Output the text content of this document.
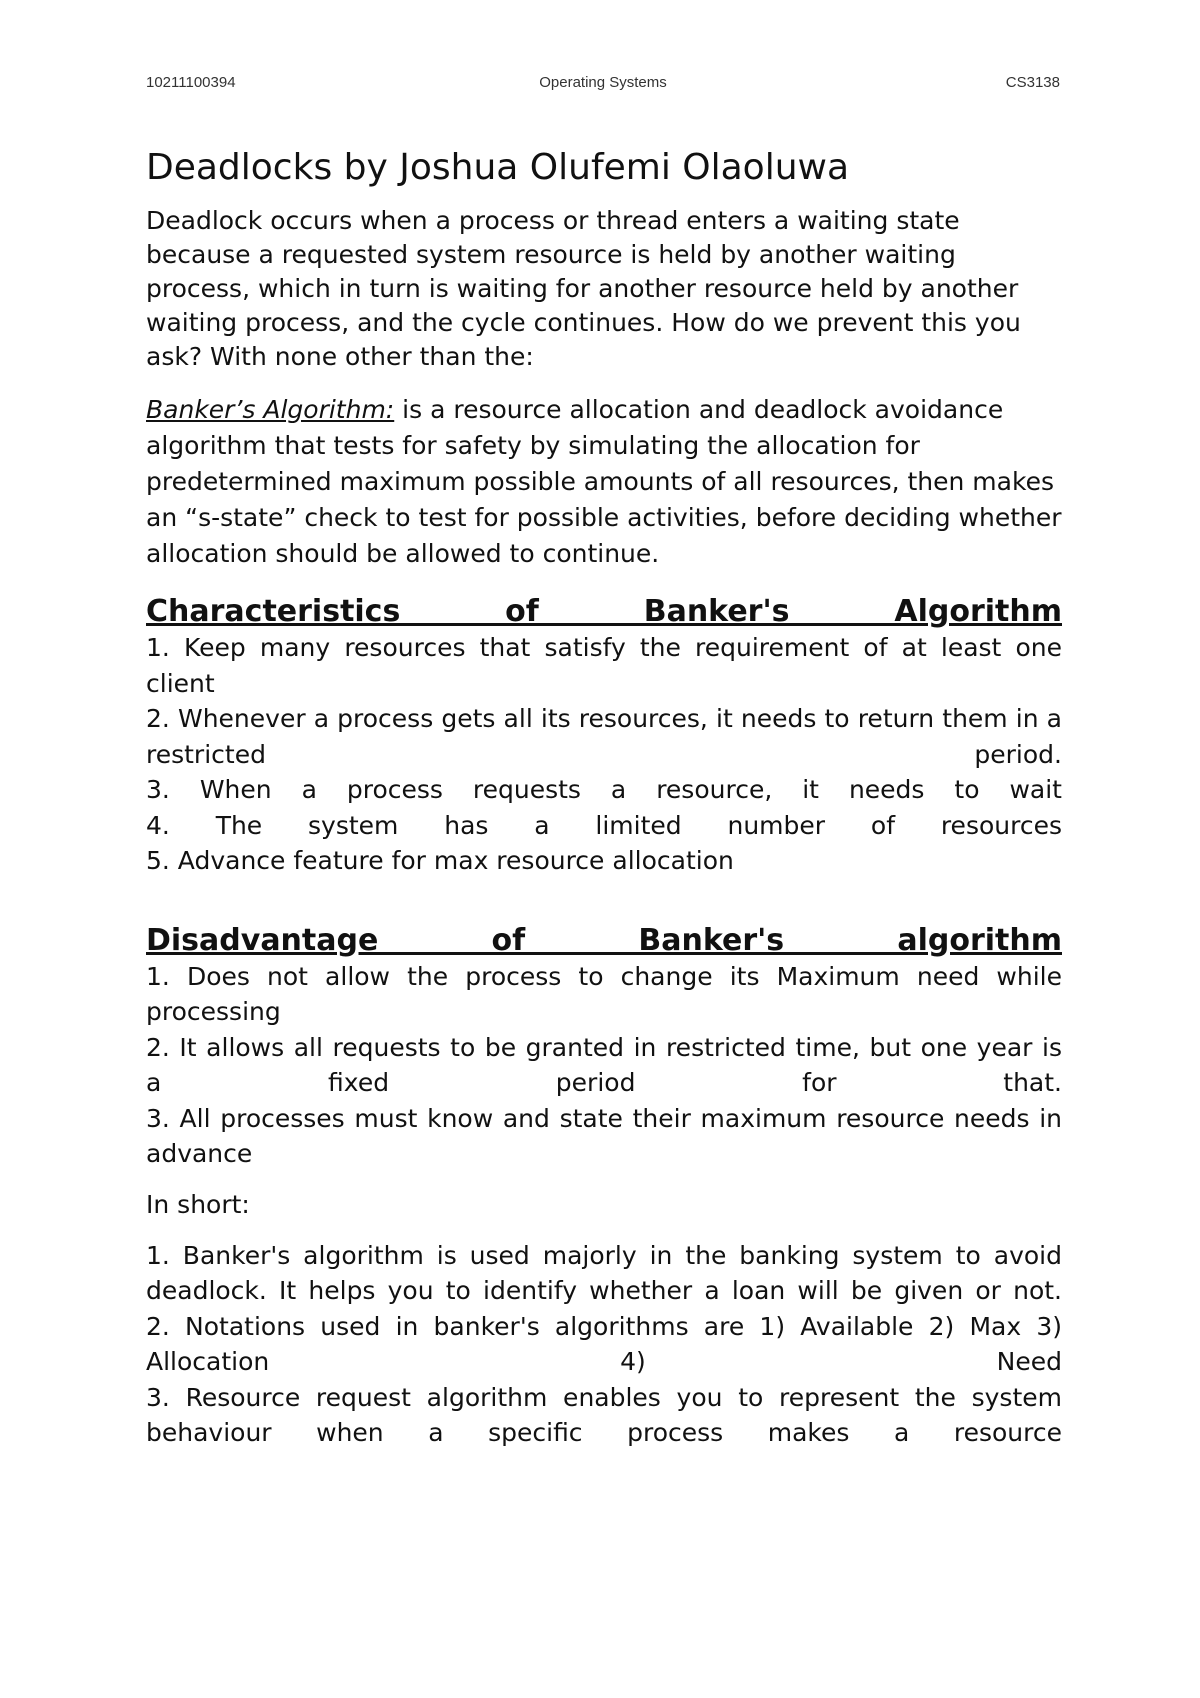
10211100394	Operating Systems	CS3138
Deadlocks by Joshua Olufemi Olaoluwa

Deadlock occurs when a process or thread enters a waiting state because a requested system resource is held by another waiting process, which in turn is waiting for another resource held by another waiting process, and the cycle continues. How do we prevent this you ask? With none other than the:

Banker’s Algorithm: is a resource allocation and deadlock avoidance algorithm that tests for safety by simulating the allocation for predetermined maximum possible amounts of all resources, then makes an “s-state” check to test for possible activities, before deciding whether allocation should be allowed to continue.

Characteristics of Banker's Algorithm

1. Keep many resources that satisfy the requirement of at least one client

2. Whenever a process gets all its resources, it needs to return them in a restricted period.

3. When a process requests a resource, it needs to wait

4. The system has a limited number of resources

5. Advance feature for max resource allocation

Disadvantage of Banker's algorithm

1. Does not allow the process to change its Maximum need while processing

2. It allows all requests to be granted in restricted time, but one year is a fixed period for that.

3. All processes must know and state their maximum resource needs in advance

In short:

1. Banker's algorithm is used majorly in the banking system to avoid deadlock. It helps you to identify whether a loan will be given or not.

2. Notations used in banker's algorithms are 1) Available 2) Max 3) Allocation 4) Need

3. Resource request algorithm enables you to represent the system behaviour when a specific process makes a resource
